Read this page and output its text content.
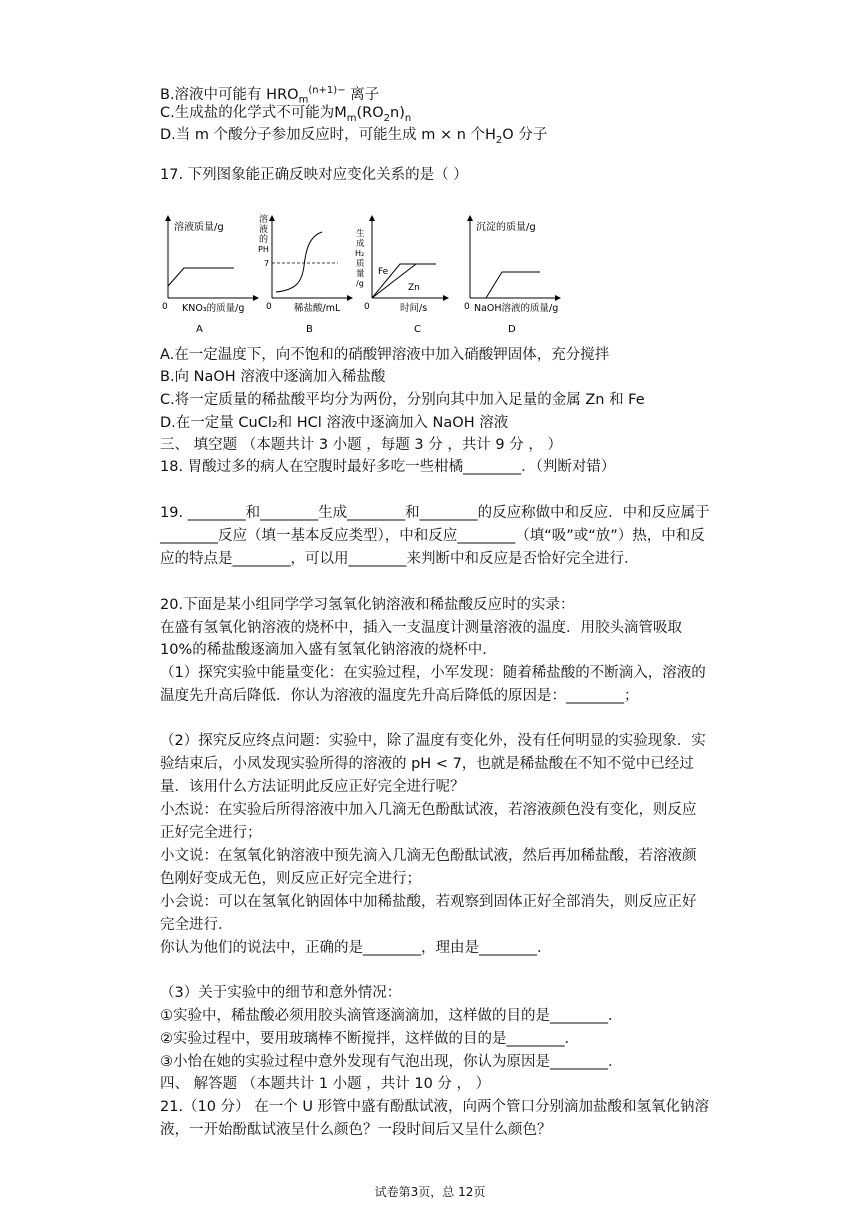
B.溶液中可能有 $HRO_m^{(n+1)-}$ 离子
C.生成盐的化学式不可能为$M_m(RO_2n)_n$
D.当 m 个酸分子参加反应时，可能生成 m × n 个$H_2O$ 分子
17. 下列图象能正确反映对应变化关系的是（ ）
溶液质量/g
0 KNO₃的质量/g
A
溶
液
的
PH
7
0 稀盐酸/mL
B
生
成
H₂
质
量
/g
Fe
Zn
0	时间/s
C
沉淀的质量/g
0 NaOH溶液的质量/g
D
A.在一定温度下，向不饱和的硝酸钾溶液中加入硝酸钾固体，充分搅拌
B.向 NaOH 溶液中逐滴加入稀盐酸
C.将一定质量的稀盐酸平均分为两份，分别向其中加入足量的金属 Zn 和 Fe
D.在一定量 CuCl₂和 HCl 溶液中逐滴加入 NaOH 溶液
三、 填空题 （本题共计 3 小题 ，每题 3 分 ，共计 9 分 ， ）
18. 胃酸过多的病人在空腹时最好多吃一些柑橘________．（判断对错）
19. ________和________生成________和________的反应称做中和反应．中和反应属于
________反应（填一基本反应类型），中和反应________（填“吸”或“放”）热，中和反
应的特点是________，可以用________来判断中和反应是否恰好完全进行．
20.下面是某小组同学学习氢氧化钠溶液和稀盐酸反应时的实录：
在盛有氢氧化钠溶液的烧杯中，插入一支温度计测量溶液的温度．用胶头滴管吸取
10%的稀盐酸逐滴加入盛有氢氧化钠溶液的烧杯中．
（1）探究实验中能量变化：在实验过程，小军发现：随着稀盐酸的不断滴入，溶液的
温度先升高后降低．你认为溶液的温度先升高后降低的原因是：________；
（2）探究反应终点问题：实验中，除了温度有变化外，没有任何明显的实验现象．实
验结束后，小凤发现实验所得的溶液的 pH < 7，也就是稀盐酸在不知不觉中已经过
量．该用什么方法证明此反应正好完全进行呢？
小杰说：在实验后所得溶液中加入几滴无色酚酞试液，若溶液颜色没有变化，则反应
正好完全进行；
小文说：在氢氧化钠溶液中预先滴入几滴无色酚酞试液，然后再加稀盐酸，若溶液颜
色刚好变成无色，则反应正好完全进行；
小会说：可以在氢氧化钠固体中加稀盐酸，若观察到固体正好全部消失，则反应正好
完全进行．
你认为他们的说法中，正确的是________，理由是________．
（3）关于实验中的细节和意外情况：
①实验中，稀盐酸必须用胶头滴管逐滴滴加，这样做的目的是________．
②实验过程中，要用玻璃棒不断搅拌，这样做的目的是________．
③小怡在她的实验过程中意外发现有气泡出现，你认为原因是________．
四、 解答题 （本题共计 1 小题 ，共计 10 分 ， ）
21.（10 分） 在一个 U 形管中盛有酚酞试液，向两个管口分别滴加盐酸和氢氧化钠溶
液，一开始酚酞试液呈什么颜色？一段时间后又呈什么颜色？
试卷第3页，总 12页
